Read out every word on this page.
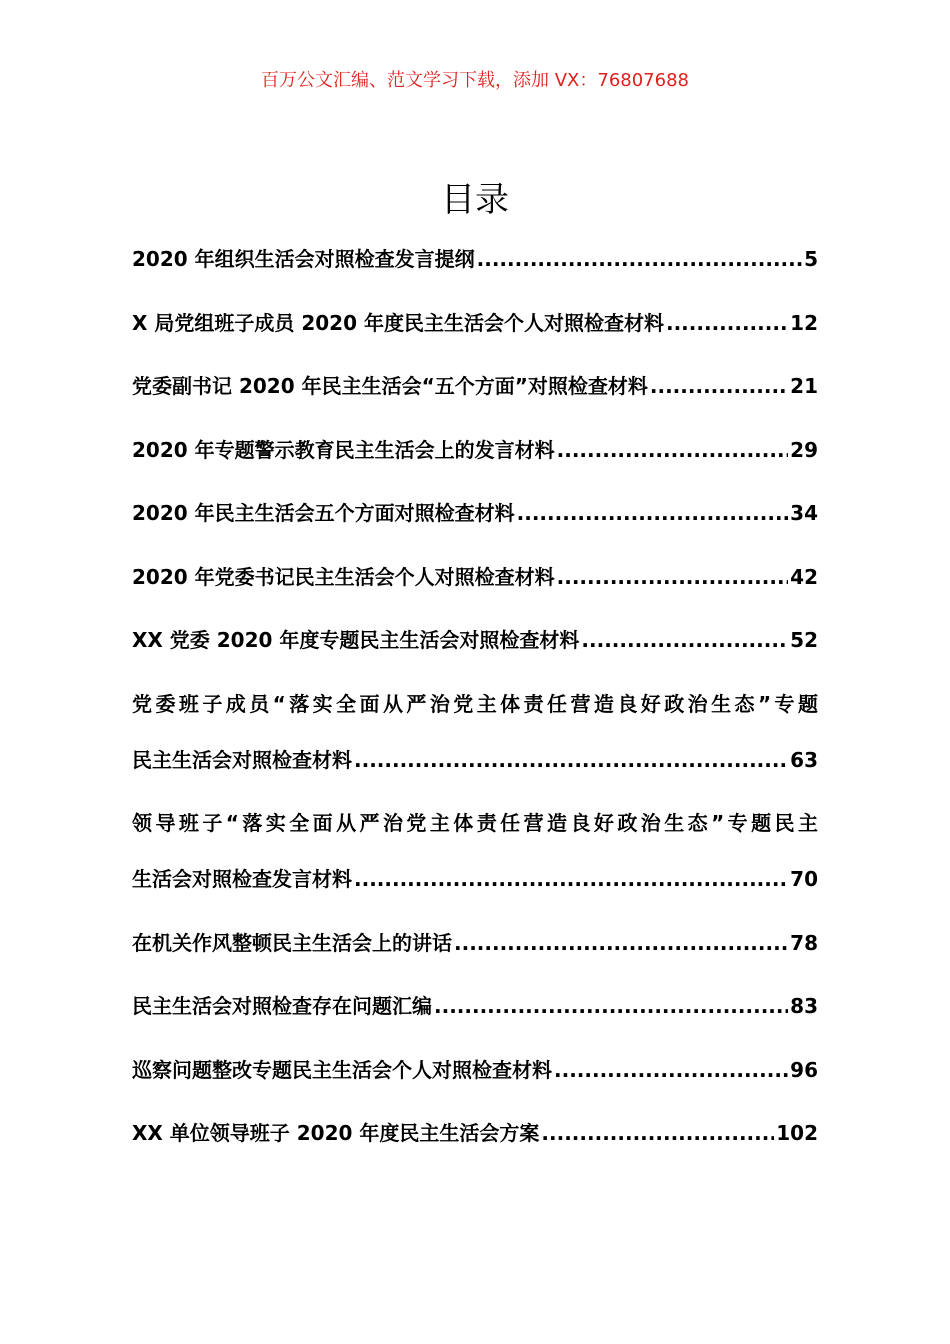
百万公文汇编、范文学习下载，添加 VX：76807688
目录
2020 年组织生活会对照检查发言提纲 .....	5
X 局党组班子成员 2020 年度民主生活会个人对照检查材料 .....	12
党委副书记 2020 年民主生活会“五个方面”对照检查材料 .....	21
2020 年专题警示教育民主生活会上的发言材料 .....	29
2020 年民主生活会五个方面对照检查材料 .....	34
2020 年党委书记民主生活会个人对照检查材料 .....	42
XX 党委 2020 年度专题民主生活会对照检查材料 .....	52
党委班子成员“落实全面从严治党主体责任营造良好政治生态”专题
民主生活会对照检查材料 .....	63
领导班子“落实全面从严治党主体责任营造良好政治生态”专题民主
生活会对照检查发言材料 .....	70
在机关作风整顿民主生活会上的讲话 .....	78
民主生活会对照检查存在问题汇编 .....	83
巡察问题整改专题民主生活会个人对照检查材料 .....	96
XX 单位领导班子 2020 年度民主生活会方案 .....	102
